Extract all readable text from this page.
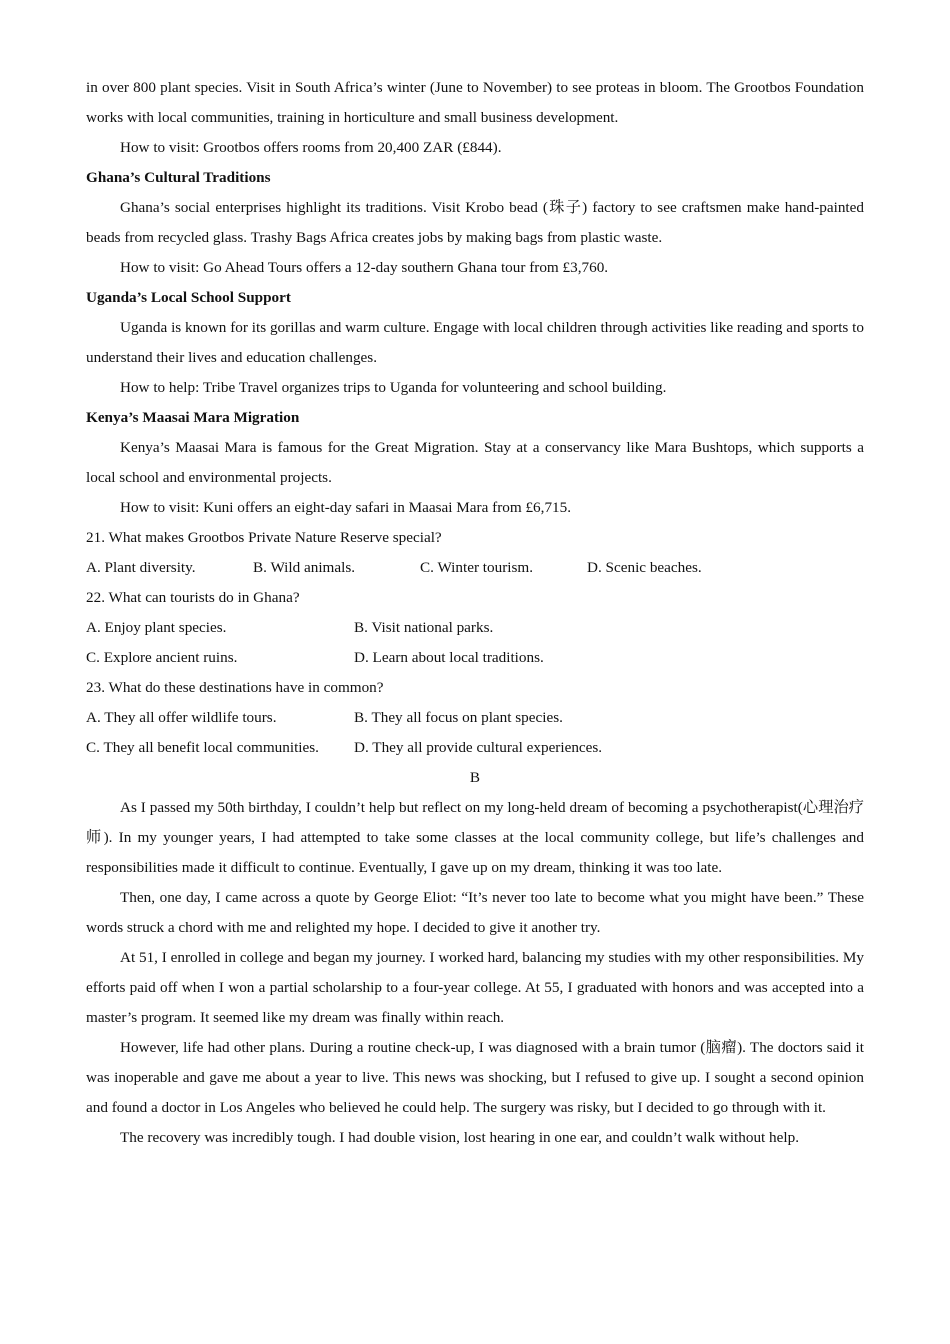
in over 800 plant species. Visit in South Africa’s winter (June to November) to see proteas in bloom. The Grootbos Foundation works with local communities, training in horticulture and small business development.

How to visit: Grootbos offers rooms from 20,400 ZAR (£844).

Ghana’s Cultural Traditions

Ghana’s social enterprises highlight its traditions. Visit Krobo bead (珠子) factory to see craftsmen make hand-painted beads from recycled glass. Trashy Bags Africa creates jobs by making bags from plastic waste.

How to visit: Go Ahead Tours offers a 12-day southern Ghana tour from £3,760.

Uganda’s Local School Support

Uganda is known for its gorillas and warm culture. Engage with local children through activities like reading and sports to understand their lives and education challenges.

How to help: Tribe Travel organizes trips to Uganda for volunteering and school building.

Kenya’s Maasai Mara Migration

Kenya’s Maasai Mara is famous for the Great Migration. Stay at a conservancy like Mara Bushtops, which supports a local school and environmental projects.

How to visit: Kuni offers an eight-day safari in Maasai Mara from £6,715.

21. What makes Grootbos Private Nature Reserve special?

A. Plant diversity.	B. Wild animals.	C. Winter tourism.	D. Scenic beaches.

22. What can tourists do in Ghana?

A. Enjoy plant species.	B. Visit national parks.
C. Explore ancient ruins.	D. Learn about local traditions.

23. What do these destinations have in common?

A. They all offer wildlife tours.	B. They all focus on plant species.
C. They all benefit local communities.	D. They all provide cultural experiences.

B

As I passed my 50th birthday, I couldn’t help but reflect on my long-held dream of becoming a psychotherapist(心理治疗师). In my younger years, I had attempted to take some classes at the local community college, but life’s challenges and responsibilities made it difficult to continue. Eventually, I gave up on my dream, thinking it was too late.

Then, one day, I came across a quote by George Eliot: “It’s never too late to become what you might have been.” These words struck a chord with me and relighted my hope. I decided to give it another try.

At 51, I enrolled in college and began my journey. I worked hard, balancing my studies with my other responsibilities. My efforts paid off when I won a partial scholarship to a four-year college. At 55, I graduated with honors and was accepted into a master’s program. It seemed like my dream was finally within reach.

However, life had other plans. During a routine check-up, I was diagnosed with a brain tumor (脑瘤). The doctors said it was inoperable and gave me about a year to live. This news was shocking, but I refused to give up. I sought a second opinion and found a doctor in Los Angeles who believed he could help. The surgery was risky, but I decided to go through with it.

The recovery was incredibly tough. I had double vision, lost hearing in one ear, and couldn’t walk without help.
